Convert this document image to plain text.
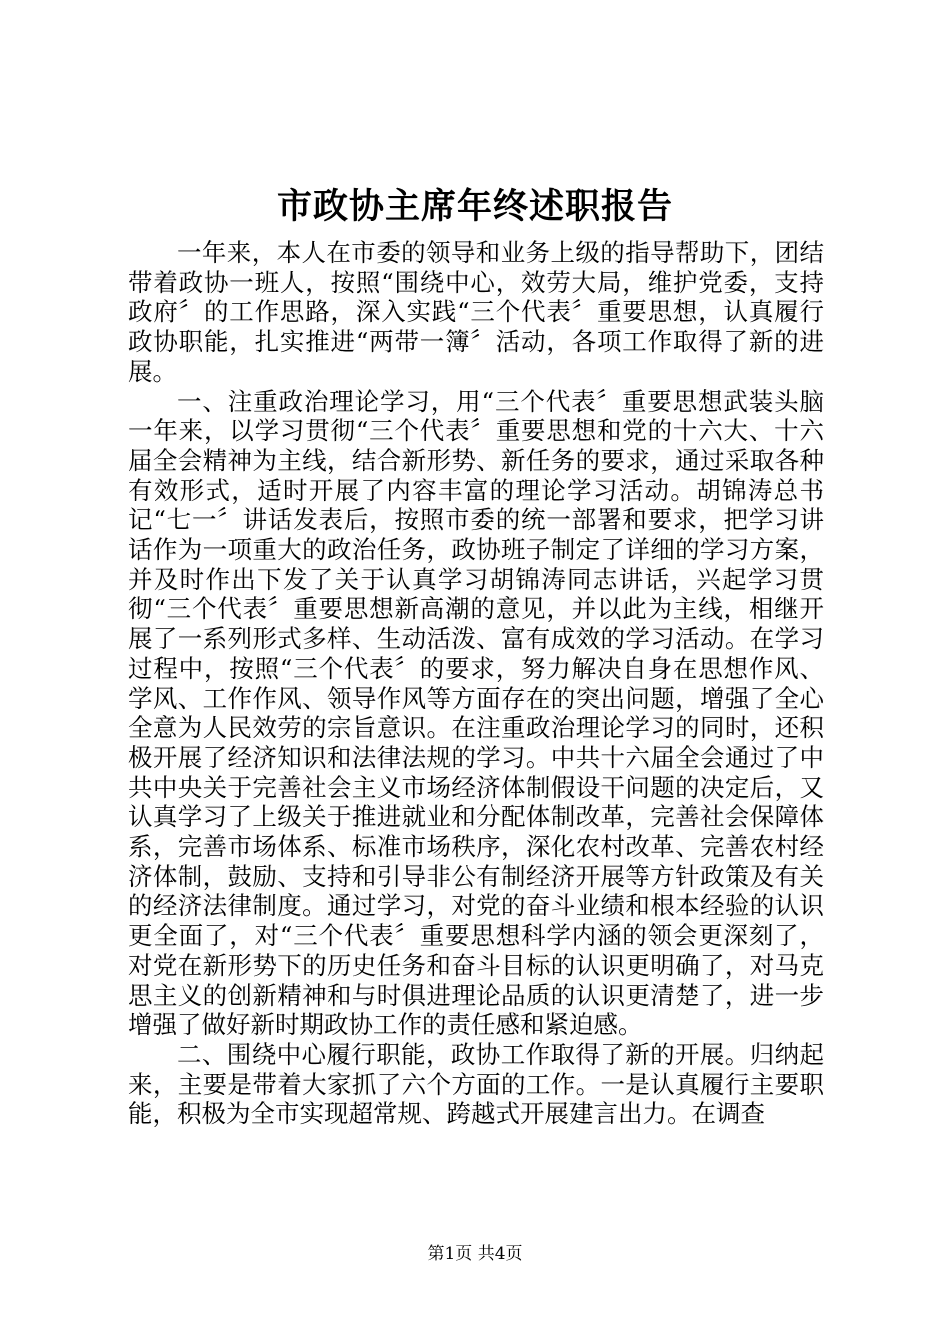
市政协主席年终述职报告

一年来，本人在市委的领导和业务上级的指导帮助下，团结带着政协一班人，按照“围绕中心，效劳大局，维护党委，支持政府〞的工作思路，深入实践“三个代表〞重要思想，认真履行政协职能，扎实推进“两带一簿〞活动，各项工作取得了新的进展。

一、注重政治理论学习，用“三个代表〞重要思想武装头脑一年来，以学习贯彻“三个代表〞重要思想和党的十六大、十六届全会精神为主线，结合新形势、新任务的要求，通过采取各种有效形式，适时开展了内容丰富的理论学习活动。胡锦涛总书记“七一〞讲话发表后，按照市委的统一部署和要求，把学习讲话作为一项重大的政治任务，政协班子制定了详细的学习方案，并及时作出下发了关于认真学习胡锦涛同志讲话，兴起学习贯彻“三个代表〞重要思想新高潮的意见，并以此为主线，相继开展了一系列形式多样、生动活泼、富有成效的学习活动。在学习过程中，按照“三个代表〞的要求，努力解决自身在思想作风、学风、工作作风、领导作风等方面存在的突出问题，增强了全心全意为人民效劳的宗旨意识。在注重政治理论学习的同时，还积极开展了经济知识和法律法规的学习。中共十六届全会通过了中共中央关于完善社会主义市场经济体制假设干问题的决定后，又认真学习了上级关于推进就业和分配体制改革，完善社会保障体系，完善市场体系、标准市场秩序，深化农村改革、完善农村经济体制，鼓励、支持和引导非公有制经济开展等方针政策及有关的经济法律制度。通过学习，对党的奋斗业绩和根本经验的认识更全面了，对“三个代表〞重要思想科学内涵的领会更深刻了，对党在新形势下的历史任务和奋斗目标的认识更明确了，对马克思主义的创新精神和与时俱进理论品质的认识更清楚了，进一步增强了做好新时期政协工作的责任感和紧迫感。

二、围绕中心履行职能，政协工作取得了新的开展。归纳起来，主要是带着大家抓了六个方面的工作。一是认真履行主要职能，积极为全市实现超常规、跨越式开展建言出力。在调查

第1页 共4页
